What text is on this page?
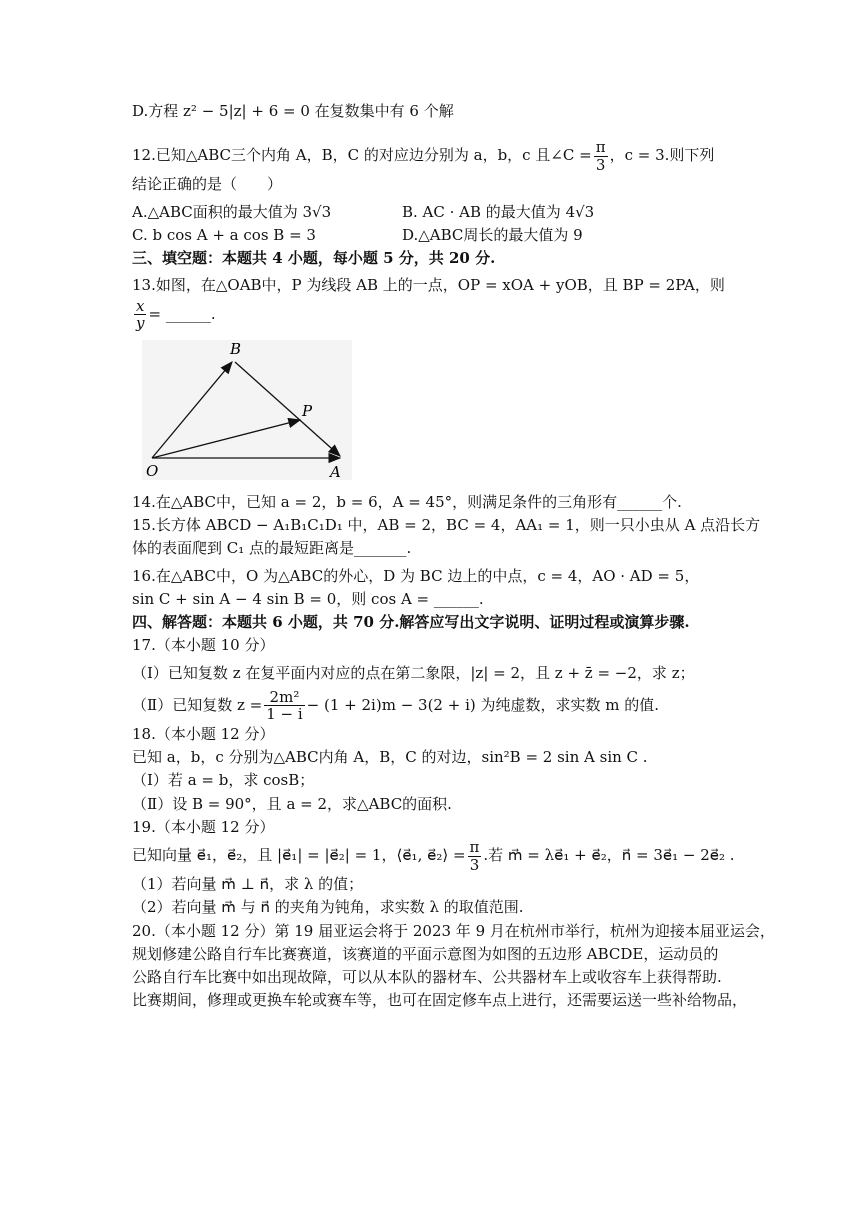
D.方程 z² − 5|z| + 6 = 0 在复数集中有 6 个解

12.已知△ABC三个内角 A，B，C 的对应边分别为 a，b，c 且∠C = $\frac{\pi}{3}$ ，c = 3.则下列

结论正确的是（　　）

A.△ABC面积的最大值为 3√3	B. AC · AB 的最大值为 4√3
C. b cos A + a cos B = 3	D.△ABC周长的最大值为 9

三、填空题：本题共 4 小题，每小题 5 分，共 20 分.

13.如图，在△OAB中，P 为线段 AB 上的一点，OP = xOA + yOB，且 BP = 2PA，则

$\frac{x}{y}$ = ______.

B
P
O	A

14.在△ABC中，已知 a = 2，b = 6，A = 45°，则满足条件的三角形有______个.

15.长方体 ABCD − A₁B₁C₁D₁ 中，AB = 2，BC = 4，AA₁ = 1，则一只小虫从 A 点沿长方

体的表面爬到 C₁ 点的最短距离是_______.

16.在△ABC中，O 为△ABC的外心，D 为 BC 边上的中点，c = 4，AO · AD = 5，

sin C + sin A − 4 sin B = 0，则 cos A = ______.

四、解答题：本题共 6 小题，共 70 分.解答应写出文字说明、证明过程或演算步骤.

17.（本小题 10 分）

（Ⅰ）已知复数 z 在复平面内对应的点在第二象限，|z| = 2，且 z + z̄ = −2，求 z；

（Ⅱ）已知复数 $z = \frac{\text{2m²}}{1 - i} - (1 + 2i)m - 3(2 + i)$ 为纯虚数，求实数 m 的值.

18.（本小题 12 分）

已知 a，b，c 分别为△ABC内角 A，B，C 的对边，sin²B = 2 sin A sin C .

（Ⅰ）若 a = b，求 cosB；

（Ⅱ）设 B = 90°，且 a = 2，求△ABC的面积.

19.（本小题 12 分）

已知向量 e⃗₁，e⃗₂，且 |e⃗₁| = |e⃗₂| = 1，⟨e⃗₁, e⃗₂⟩ = $\frac{\pi}{3}$ .若 m⃗ = λe⃗₁ + e⃗₂，n⃗ = 3e⃗₁ − 2e⃗₂ .

（1）若向量 m⃗ ⊥ n⃗，求 λ 的值；

（2）若向量 m⃗ 与 n⃗ 的夹角为钝角，求实数 λ 的取值范围.

20.（本小题 12 分）第 19 届亚运会将于 2023 年 9 月在杭州市举行，杭州为迎接本届亚运会，

规划修建公路自行车比赛赛道，该赛道的平面示意图为如图的五边形 ABCDE，运动员的

公路自行车比赛中如出现故障，可以从本队的器材车、公共器材车上或收容车上获得帮助.

比赛期间，修理或更换车轮或赛车等，也可在固定修车点上进行，还需要运送一些补给物品，
